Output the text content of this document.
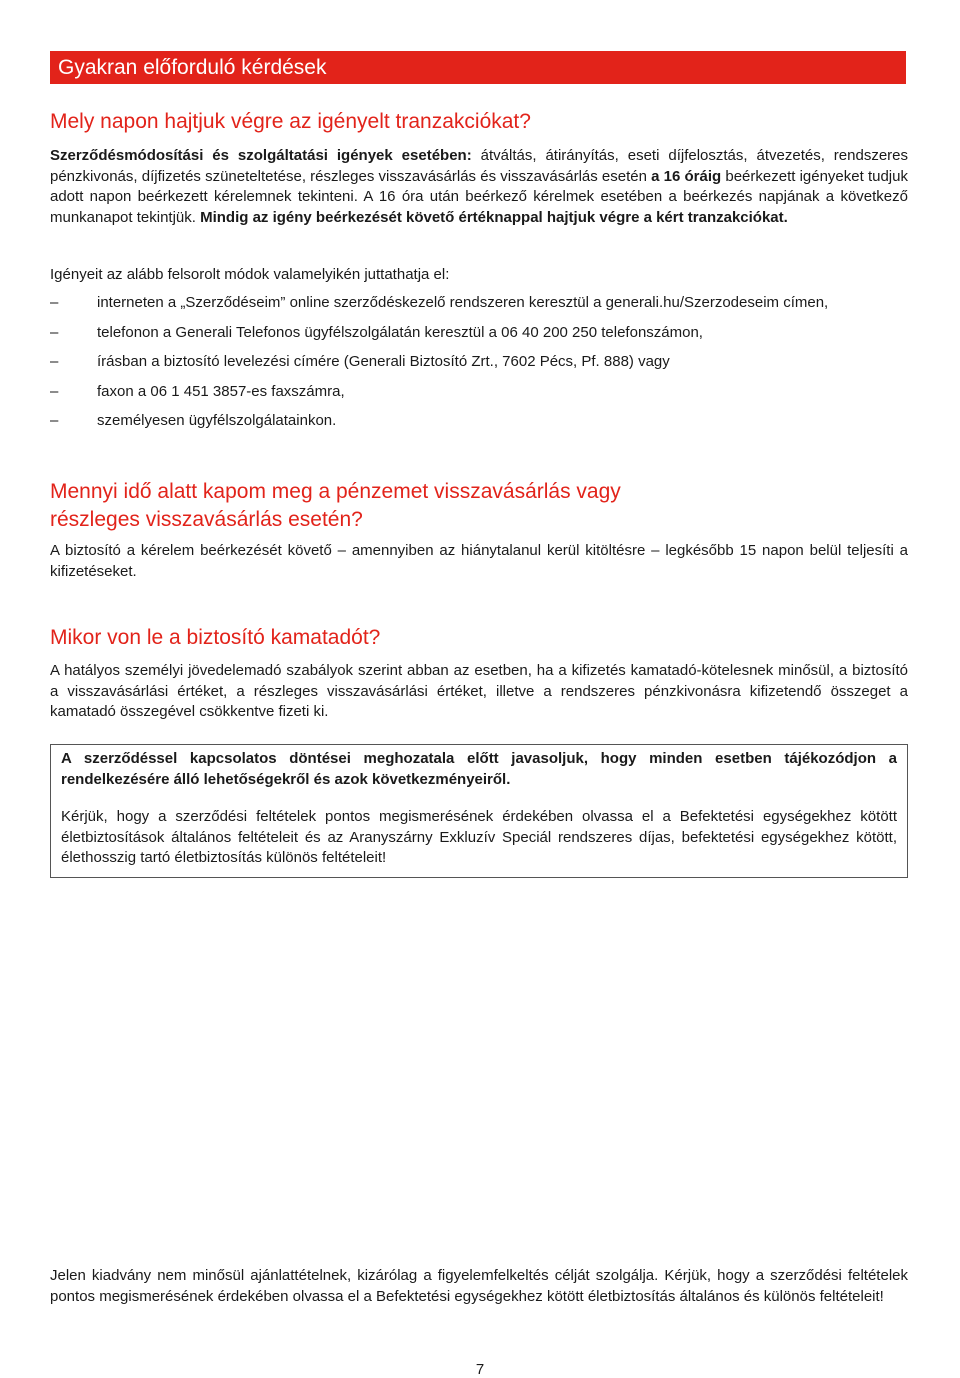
Gyakran előforduló kérdések
Mely napon hajtjuk végre az igényelt tranzakciókat?

Szerződésmódosítási és szolgáltatási igények esetében: átváltás, átirányítás, eseti díjfelosztás, átvezetés, rendszeres pénzkivonás, díjfizetés szüneteltetése, részleges visszavásárlás és visszavásárlás esetén a 16 óráig beérkezett igényeket tudjuk adott napon beérkezett kérelemnek tekinteni. A 16 óra után beérkező kérelmek esetében a beérkezés napjának a következő munkanapot tekintjük. Mindig az igény beérkezését követő értéknappal hajtjuk végre a kért tranzakciókat.

Igényeit az alább felsorolt módok valamelyikén juttathatja el:

–	interneten a „Szerződéseim” online szerződéskezelő rendszeren keresztül a generali.hu/Szerzodeseim címen,
–	telefonon a Generali Telefonos ügyfélszolgálatán keresztül a 06 40 200 250 telefonszámon,
–	írásban a biztosító levelezési címére (Generali Biztosító Zrt., 7602 Pécs, Pf. 888) vagy
–	faxon a 06 1 451 3857-es faxszámra,
–	személyesen ügyfélszolgálatainkon.
Mennyi idő alatt kapom meg a pénzemet visszavásárlás vagy
részleges visszavásárlás esetén?

A biztosító a kérelem beérkezését követő – amennyiben az hiánytalanul kerül kitöltésre – legkésőbb 15 napon belül teljesíti a kifizetéseket.

Mikor von le a biztosító kamatadót?

A hatályos személyi jövedelemadó szabályok szerint abban az esetben, ha a kifizetés kamatadó-kötelesnek minősül, a biztosító a visszavásárlási értéket, a részleges visszavásárlási értéket, illetve a rendszeres pénzkivonásra kifizetendő összeget a kamatadó összegével csökkentve fizeti ki.

A szerződéssel kapcsolatos döntései meghozatala előtt javasoljuk, hogy minden esetben tájékozódjon a rendelkezésére álló lehetőségekről és azok következményeiről.

Kérjük, hogy a szerződési feltételek pontos megismerésének érdekében olvassa el a Befektetési egységekhez kötött életbiztosítások általános feltételeit és az Aranyszárny Exkluzív Speciál rendszeres díjas, befektetési egységekhez kötött, élethosszig tartó életbiztosítás különös feltételeit!

Jelen kiadvány nem minősül ajánlattételnek, kizárólag a figyelemfelkeltés célját szolgálja. Kérjük, hogy a szerződési feltételek pontos megismerésének érdekében olvassa el a Befektetési egységekhez kötött életbiztosítás általános és különös feltételeit!

7
